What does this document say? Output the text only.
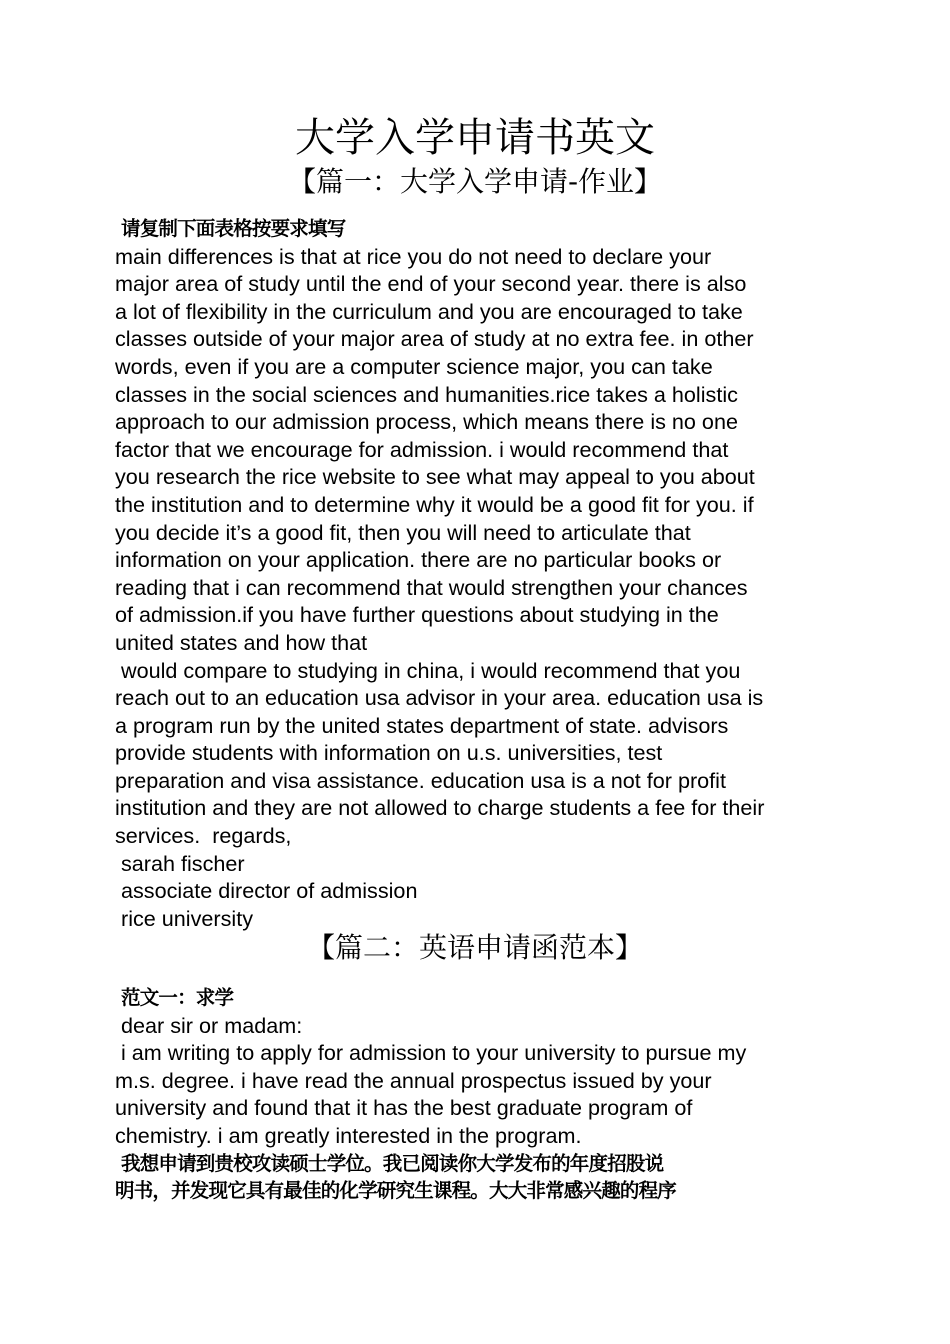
大学入学申请书英文
【篇一：大学入学申请-作业】

请复制下面表格按要求填写

main differences is that at rice you do not need to declare your

major area of study until the end of your second year. there is also

a lot of flexibility in the curriculum and you are encouraged to take

classes outside of your major area of study at no extra fee. in other

words, even if you are a computer science major, you can take

classes in the social sciences and humanities.rice takes a holistic

approach to our admission process, which means there is no one

factor that we encourage for admission. i would recommend that

you research the rice website to see what may appeal to you about

the institution and to determine why it would be a good fit for you. if

you decide it’s a good fit, then you will need to articulate that

information on your application. there are no particular books or

reading that i can recommend that would strengthen your chances

of admission.if you have further questions about studying in the

united states and how that

would compare to studying in china, i would recommend that you

reach out to an education usa advisor in your area. education usa is

a program run by the united states department of state. advisors

provide students with information on u.s. universities, test

preparation and visa assistance. education usa is a not for profit

institution and they are not allowed to charge students a fee for their

services.  regards,

sarah fischer

associate director of admission

rice university

【篇二：英语申请函范本】

范文一：求学

dear sir or madam:

i am writing to apply for admission to your university to pursue my

m.s. degree. i have read the annual prospectus issued by your

university and found that it has the best graduate program of

chemistry. i am greatly interested in the program.

我想申请到贵校攻读硕士学位。我已阅读你大学发布的年度招股说

明书，并发现它具有最佳的化学研究生课程。大大非常感兴趣的程序
